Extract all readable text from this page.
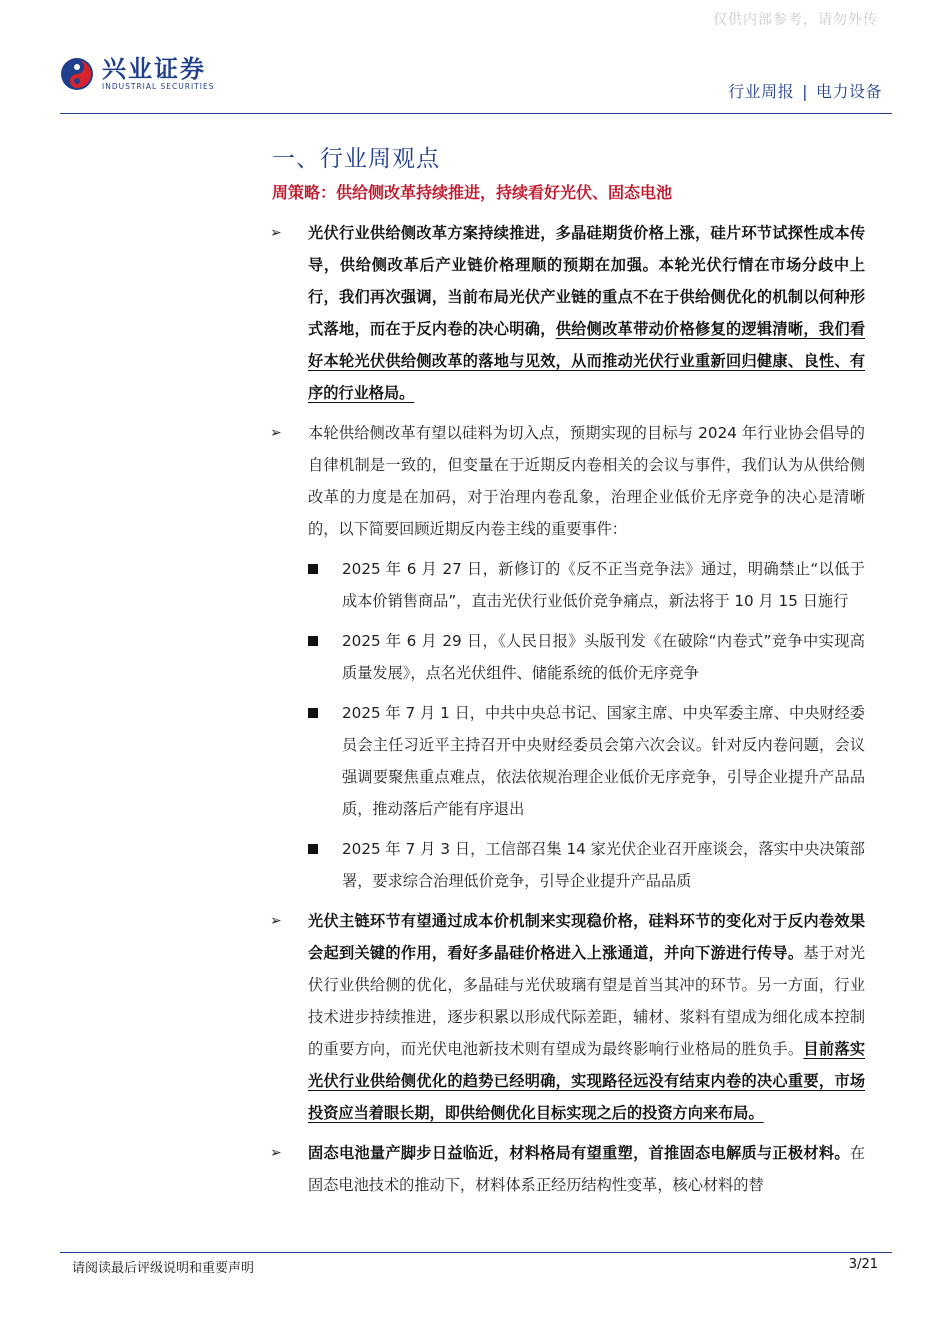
仅供内部参考，请勿外传
兴业证券
INDUSTRIAL SECURITIES	行业周报 | 电力设备
一、行业周观点
周策略：供给侧改革持续推进，持续看好光伏、固态电池
➢ 光伏行业供给侧改革方案持续推进，多晶硅期货价格上涨，硅片环节试探性成本传导，供给侧改革后产业链价格理顺的预期在加强。本轮光伏行情在市场分歧中上行，我们再次强调，当前布局光伏产业链的重点不在于供给侧优化的机制以何种形式落地，而在于反内卷的决心明确，供给侧改革带动价格修复的逻辑清晰，我们看好本轮光伏供给侧改革的落地与见效，从而推动光伏行业重新回归健康、良性、有序的行业格局。
➢ 本轮供给侧改革有望以硅料为切入点，预期实现的目标与 2024 年行业协会倡导的自律机制是一致的，但变量在于近期反内卷相关的会议与事件，我们认为从供给侧改革的力度是在加码，对于治理内卷乱象，治理企业低价无序竞争的决心是清晰的，以下简要回顾近期反内卷主线的重要事件：
2025 年 6 月 27 日，新修订的《反不正当竞争法》通过，明确禁止“以低于成本价销售商品”，直击光伏行业低价竞争痛点，新法将于 10 月 15 日施行
2025 年 6 月 29 日，《人民日报》头版刊发《在破除“内卷式”竞争中实现高质量发展》，点名光伏组件、储能系统的低价无序竞争
2025 年 7 月 1 日，中共中央总书记、国家主席、中央军委主席、中央财经委员会主任习近平主持召开中央财经委员会第六次会议。针对反内卷问题，会议强调要聚焦重点难点，依法依规治理企业低价无序竞争，引导企业提升产品品质，推动落后产能有序退出
2025 年 7 月 3 日，工信部召集 14 家光伏企业召开座谈会，落实中央决策部署，要求综合治理低价竞争，引导企业提升产品品质
➢ 光伏主链环节有望通过成本价机制来实现稳价格，硅料环节的变化对于反内卷效果会起到关键的作用，看好多晶硅价格进入上涨通道，并向下游进行传导。基于对光伏行业供给侧的优化，多晶硅与光伏玻璃有望是首当其冲的环节。另一方面，行业技术进步持续推进，逐步积累以形成代际差距，辅材、浆料有望成为细化成本控制的重要方向，而光伏电池新技术则有望成为最终影响行业格局的胜负手。目前落实光伏行业供给侧优化的趋势已经明确，实现路径远没有结束内卷的决心重要，市场投资应当着眼长期，即供给侧优化目标实现之后的投资方向来布局。
➢ 固态电池量产脚步日益临近，材料格局有望重塑，首推固态电解质与正极材料。在固态电池技术的推动下，材料体系正经历结构性变革，核心材料的替
请阅读最后评级说明和重要声明	3/21
